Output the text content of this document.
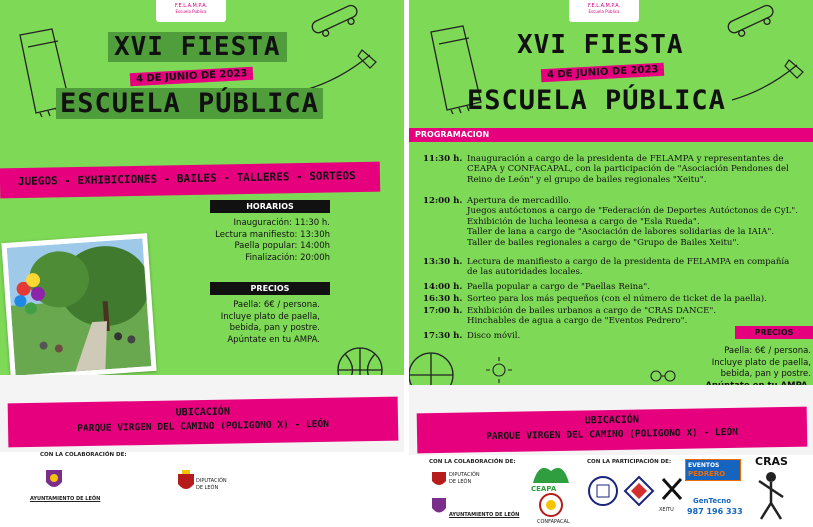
F.E.L.A.M.P.A.
Escuela Pública
XVI FIESTA
4 DE JUNIO DE 2023
ESCUELA PÚBLICA
JUEGOS - EXHIBICIONES - BAILES - TALLERES - SORTEOS
HORARIOS
Inauguración: 11:30 h.
Lectura manifiesto: 13:30h
Paella popular: 14:00h
Finalización: 20:00h
PRECIOS
Paella: 6€ / persona.
Incluye plato de paella,
bebida, pan y postre.
Apúntate en tu AMPA.
UBICACIÓN
PARQUE VIRGEN DEL CAMINO (POLIGONO X) - LEÓN
CON LA COLABORACIÓN DE:
AYUNTAMIENTO DE LEÓN
DIPUTACIÓN
DE LEÓN
F.E.L.A.M.P.A.
Escuela Pública
XVI FIESTA
4 DE JUNIO DE 2023
ESCUELA PÚBLICA
PROGRAMACION
11:30 h. Inauguración a cargo de la presidenta de FELAMPA y representantes de
CEAPA y CONFACAPAL, con la participación de "Asociación Pendones del
Reino de León" y el grupo de bailes regionales "Xeitu".
12:00 h. Apertura de mercadillo.
Juegos autóctonos a cargo de "Federación de Deportes Autóctonos de CyL".
Exhibición de lucha leonesa a cargo de "Esla Rueda".
Taller de lana a cargo de "Asociación de labores solidarias de la IAIA".
Taller de bailes regionales a cargo de "Grupo de Bailes Xeitu".
13:30 h. Lectura de manifiesto a cargo de la presidenta de FELAMPA en compañía
de las autoridades locales.
14:00 h. Paella popular a cargo de "Paellas Reina".
16:30 h. Sorteo para los más pequeños (con el número de ticket de la paella).
17:00 h. Exhibición de bailes urbanos a cargo de "CRAS DANCE".
Hinchables de agua a cargo de "Eventos Pedrero".
17:30 h. Disco móvil.	PRECIOS
Paella: 6€ / persona.
Incluye plato de paella,
bebida, pan y postre.
Apúntate en tu AMPA.
UBICACIÓN
PARQUE VIRGEN DEL CAMINO (POLIGONO X) - LEÓN
CON LA COLABORACIÓN DE:	CON LA PARTICIPACIÓN DE:
DIPUTACIÓN
DE LEÓN
AYUNTAMIENTO DE LEÓN
CEAPA
CONFAPACAL
XEITU
EVENTOS
PEDRERO
GenTecno
987 196 333
CRAS
